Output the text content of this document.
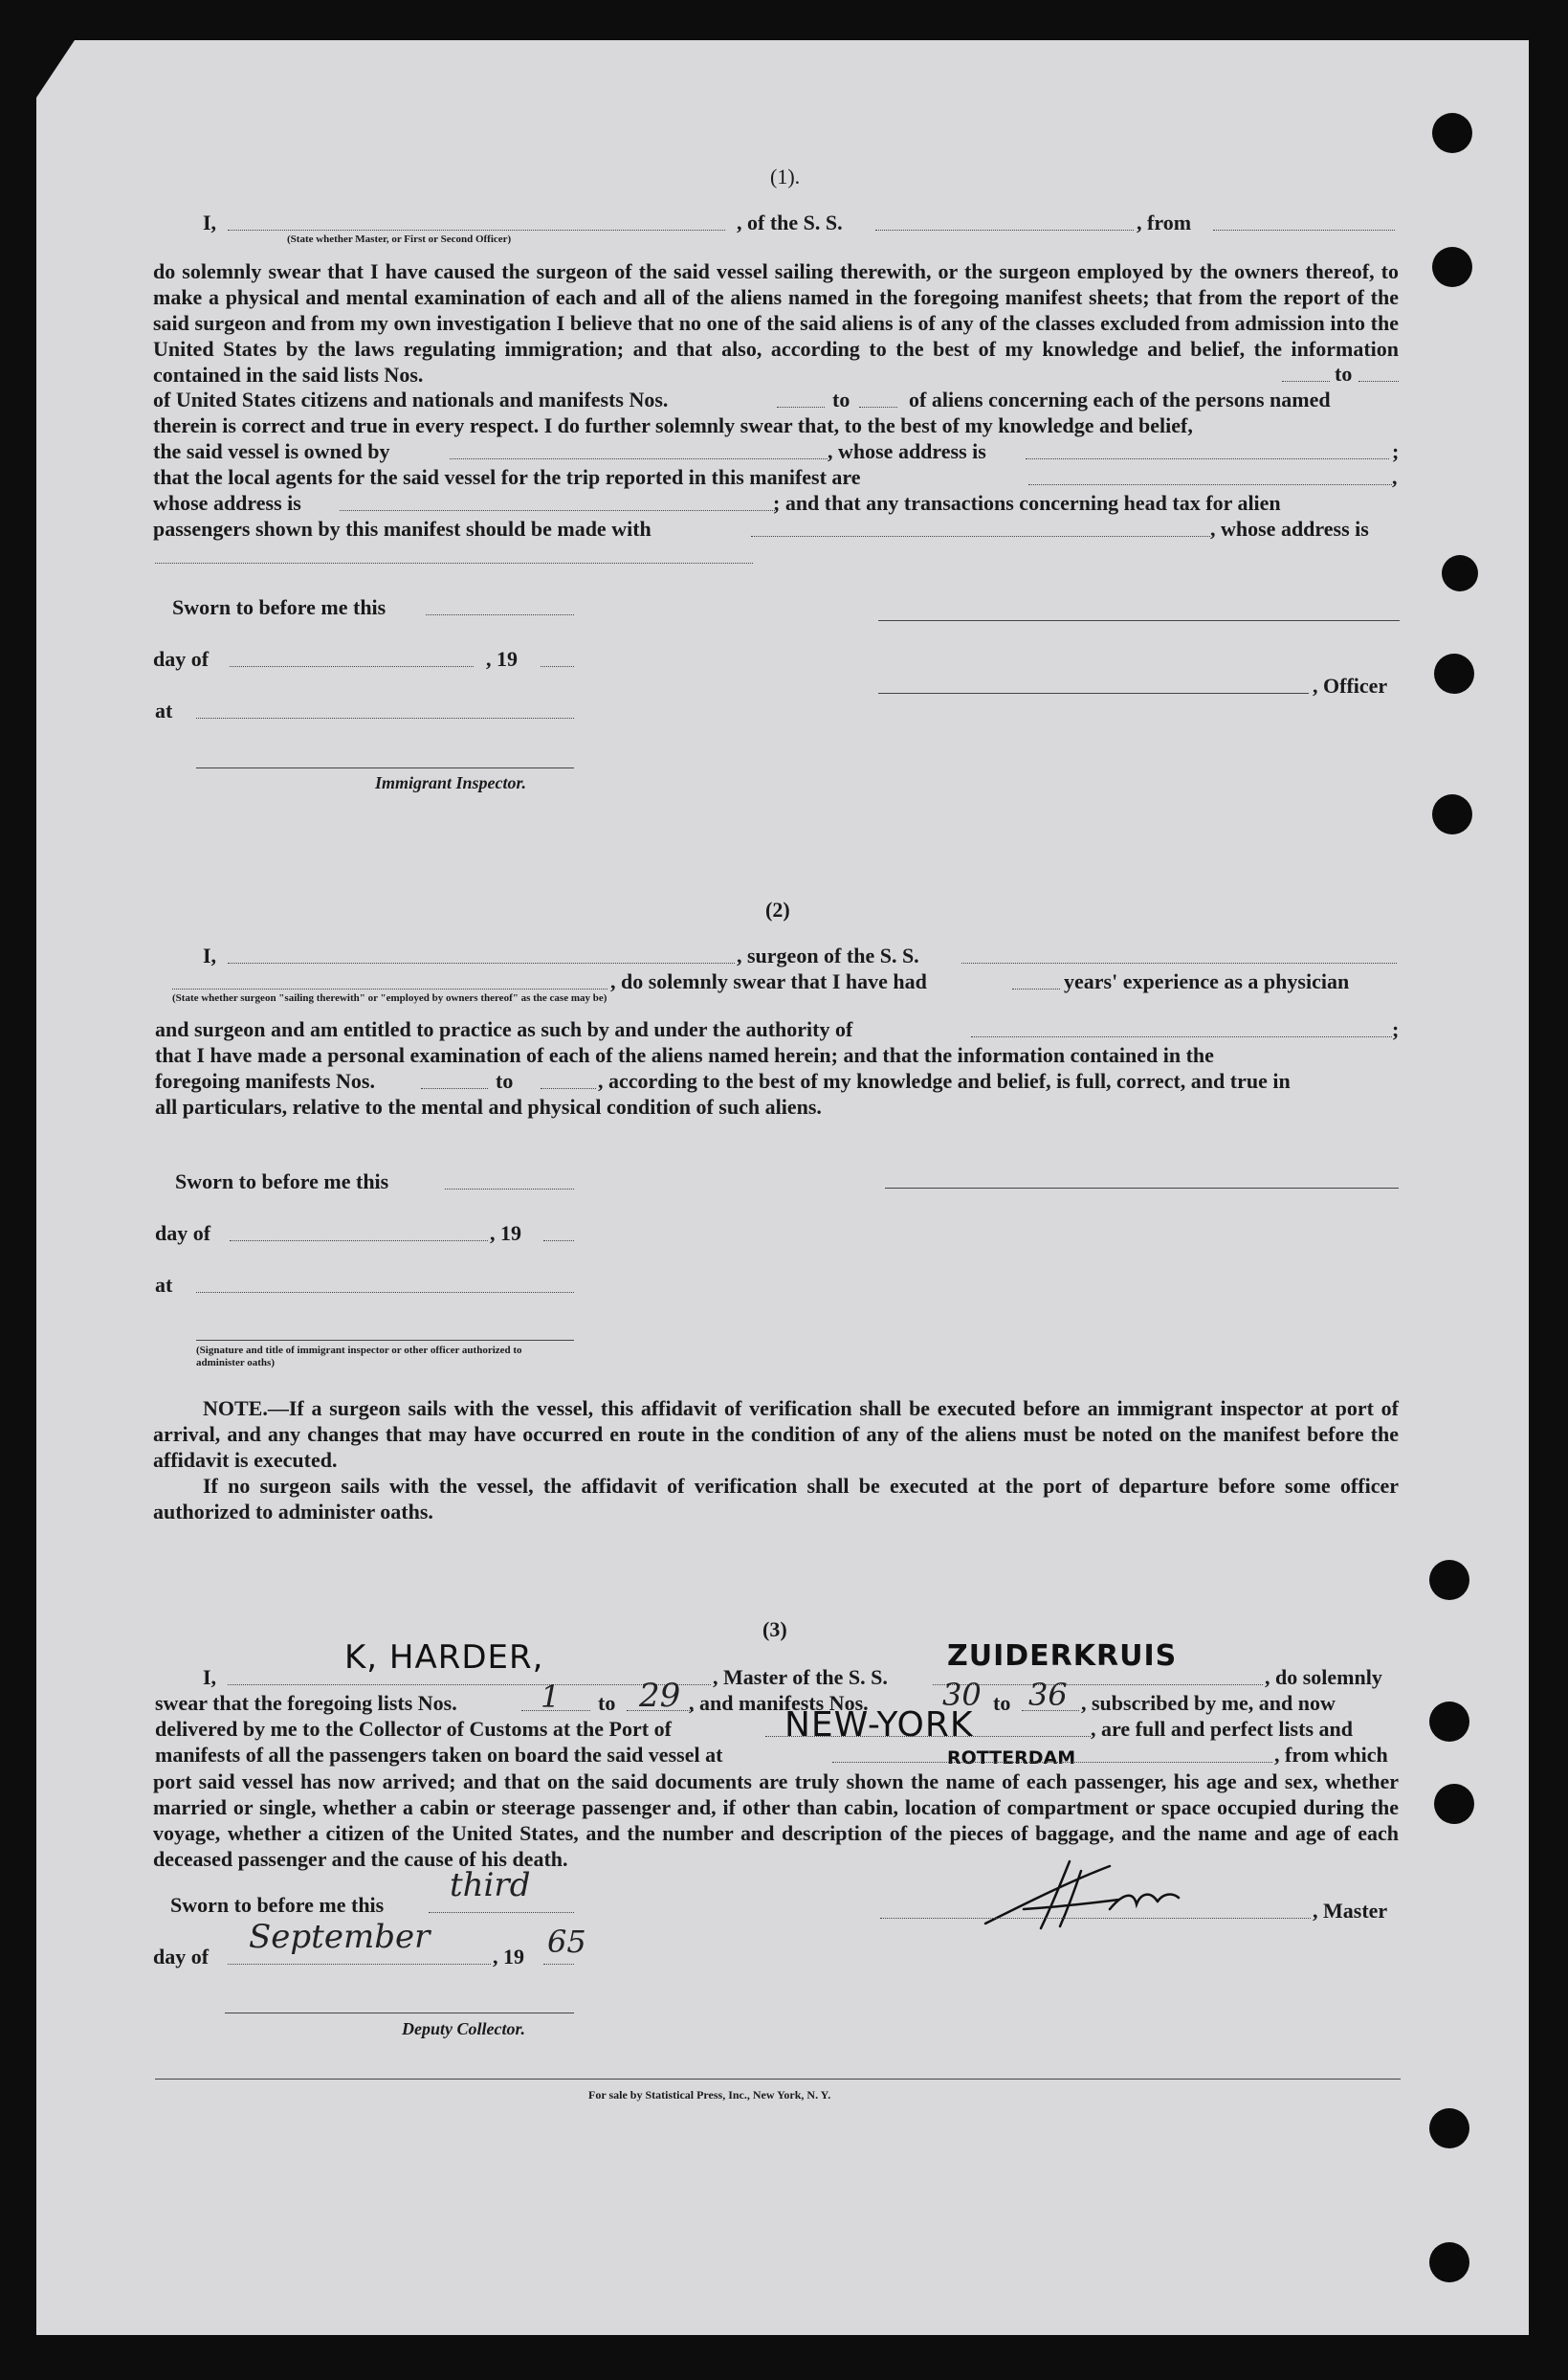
(1).
I,
(State whether Master, or First or Second Officer)
, of the S. S.	, from
do solemnly swear that I have caused the surgeon of the said vessel sailing therewith, or the surgeon employed by the owners thereof, to make a physical and mental examination of each and all of the aliens named in the foregoing manifest sheets; that from the report of the said surgeon and from my own investigation I believe that no one of the said aliens is of any of the classes excluded from admission into the United States by the laws regulating immigration; and that also, according to the best of my knowledge and belief, the information contained in the said lists Nos.	to
of United States citizens and nationals and manifests Nos.	to	of aliens concerning each of the persons named
therein is correct and true in every respect. I do further solemnly swear that, to the best of my knowledge and belief,
the said vessel is owned by	, whose address is	;
that the local agents for the said vessel for the trip reported in this manifest are	,
whose address is	; and that any transactions concerning head tax for alien
passengers shown by this manifest should be made with	, whose address is
Sworn to before me this
day of	, 19
, Officer
at
Immigrant Inspector.
(2)
I,	, surgeon of the S. S.
, do solemnly swear that I have had	years' experience as a physician
(State whether surgeon "sailing therewith" or "employed by owners thereof" as the case may be)
and surgeon and am entitled to practice as such by and under the authority of	;
that I have made a personal examination of each of the aliens named herein; and that the information contained in the
foregoing manifests Nos.	to	, according to the best of my knowledge and belief, is full, correct, and true in
all particulars, relative to the mental and physical condition of such aliens.
Sworn to before me this
day of	, 19
at
(Signature and title of immigrant inspector or other officer authorized to administer oaths)
NOTE.—If a surgeon sails with the vessel, this affidavit of verification shall be executed before an immigrant inspector at port of arrival, and any changes that may have occurred en route in the condition of any of the aliens must be noted on the manifest before the affidavit is executed.
If no surgeon sails with the vessel, the affidavit of verification shall be executed at the port of departure before some officer authorized to administer oaths.
(3)
I,
K, HARDER,
, Master of the S. S.
ZUIDERKRUIS
, do solemnly
swear that the foregoing lists Nos.	1 to 29 , and manifests Nos. 30 to 36 , subscribed by me, and now
delivered by me to the Collector of Customs at the Port of	NEW-YORK	, are full and perfect lists and
manifests of all the passengers taken on board the said vessel at	ROTTERDAM	, from which
port said vessel has now arrived; and that on the said documents are truly shown the name of each passenger, his age and sex, whether married or single, whether a cabin or steerage passenger and, if other than cabin, location of compartment or space occupied during the voyage, whether a citizen of the United States, and the number and description of the pieces of baggage, and the name and age of each deceased passenger and the cause of his death.
Sworn to before me this
third
, Master
day of
September
, 19 65
Deputy Collector.
For sale by Statistical Press, Inc., New York, N. Y.
